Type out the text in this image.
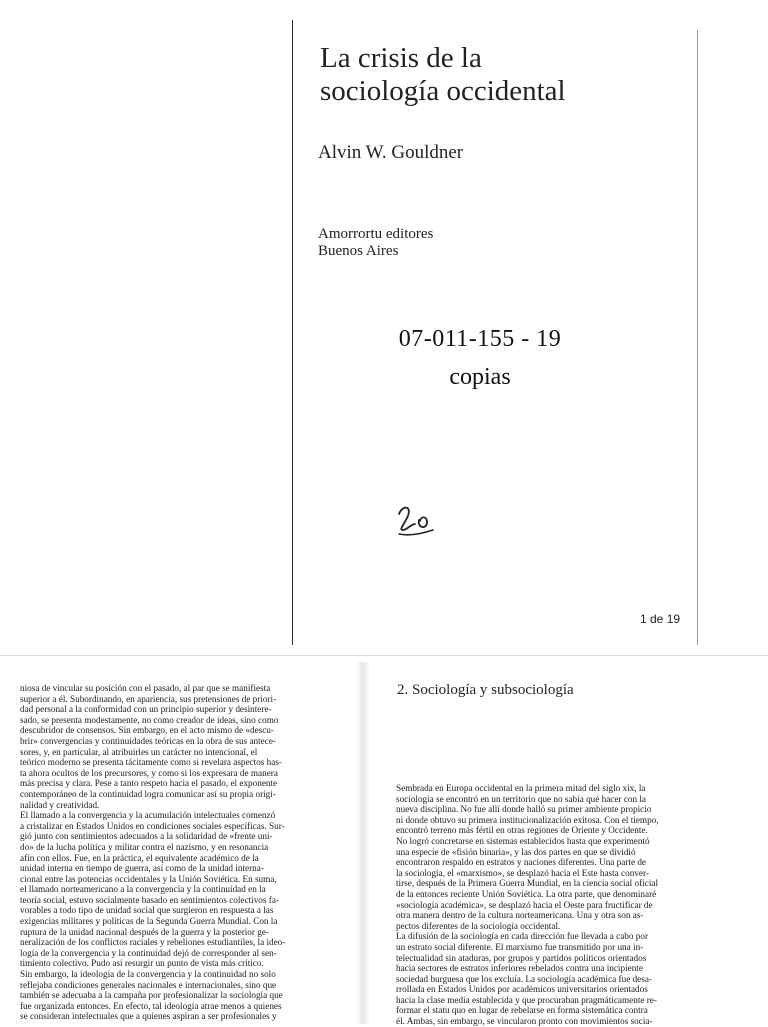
La crisis de la
sociología occidental
Alvin W. Gouldner
Amorrortu editores
Buenos Aires
07-011-155 - 19
copias
1 de 19

niosa de vincular su posición con el pasado, al par que se manifiesta

superior a él. Subordinando, en apariencia, sus pretensiones de priori-

dad personal a la conformidad con un principio superior y desintere-

sado, se presenta modestamente, no como creador de ideas, sino como

descubridor de consensos. Sin embargo, en el acto mismo de «descu-

brir» convergencias y continuidades teóricas en la obra de sus antece-

sores, y, en particular, al atribuirles un carácter no intencional, el

teórico moderno se presenta tácitamente como si revelara aspectos has-

ta ahora ocultos de los precursores, y como si los expresara de manera

más precisa y clara. Pese a tanto respeto hacia el pasado, el exponente

contemporáneo de la continuidad logra comunicar así su propia origi-

nalidad y creatividad.

El llamado a la convergencia y la acumulación intelectuales comenzó

a cristalizar en Estados Unidos en condiciones sociales específicas. Sur-

gió junto con sentimientos adecuados a la solidaridad de «frente uni-

do» de la lucha política y militar contra el nazismo, y en resonancia

afín con ellos. Fue, en la práctica, el equivalente académico de la

unidad interna en tiempo de guerra, así como de la unidad interna-

cional entre las potencias occidentales y la Unión Soviética. En suma,

el llamado norteamericano a la convergencia y la continuidad en la

teoría social, estuvo socialmente basado en sentimientos colectivos fa-

vorables a todo tipo de unidad social que surgieron en respuesta a las

exigencias militares y políticas de la Segunda Guerra Mundial. Con la

ruptura de la unidad nacional después de la guerra y la posterior ge-

neralización de los conflictos raciales y rebeliones estudiantiles, la ideo-

logía de la convergencia y la continuidad dejó de corresponder al sen-

timiento colectivo. Pudo así resurgir un punto de vista más crítico.

Sin embargo, la ideología de la convergencia y la continuidad no solo

reflejaba condiciones generales nacionales e internacionales, sino que

también se adecuaba a la campaña por profesionalizar la sociología que

fue organizada entonces. En efecto, tal ideología atrae menos a quienes

se consideran intelectuales que a quienes aspiran a ser profesionales y

2. Sociología y subsociología

Sembrada en Europa occidental en la primera mitad del siglo xix, la

sociología se encontró en un territorio que no sabía qué hacer con la

nueva disciplina. No fue allí donde halló su primer ambiente propicio

ni donde obtuvo su primera institucionalización exitosa. Con el tiempo,

encontró terreno más fértil en otras regiones de Oriente y Occidente.

No logró concretarse en sistemas establecidos hasta que experimentó

una especie de «fisión binaria», y las dos partes en que se dividió

encontraron respaldo en estratos y naciones diferentes. Una parte de

la sociología, el «marxismo», se desplazó hacia el Este hasta conver-

tirse, después de la Primera Guerra Mundial, en la ciencia social oficial

de la entonces reciente Unión Soviética. La otra parte, que denominaré

«sociología académica», se desplazó hacia el Oeste para fructificar de

otra manera dentro de la cultura norteamericana. Una y otra son as-

pectos diferentes de la sociología occidental.

La difusión de la sociología en cada dirección fue llevada a cabo por

un estrato social diferente. El marxismo fue transmitido por una in-

telectualidad sin ataduras, por grupos y partidos políticos orientados

hacia sectores de estratos inferiores rebelados contra una incipiente

sociedad burguesa que los excluía. La sociología académica fue desa-

rrollada en Estados Unidos por académicos universitarios orientados

hacia la clase media establecida y que procuraban pragmáticamente re-

formar el statu quo en lugar de rebelarse en forma sistemática contra

él. Ambas, sin embargo, se vincularon pronto con movimientos socia-
